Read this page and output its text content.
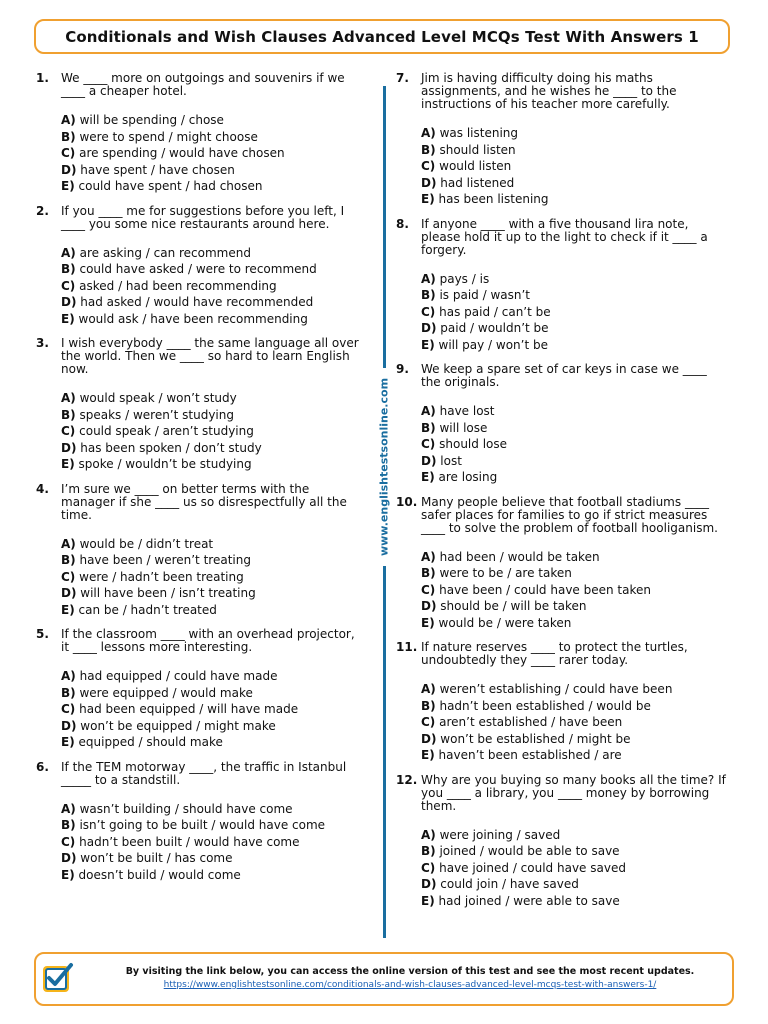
Conditionals and Wish Clauses Advanced Level MCQs Test With Answers 1
1. We ____ more on outgoings and souvenirs if we ____ a cheaper hotel.
A) will be spending / chose
B) were to spend / might choose
C) are spending / would have chosen
D) have spent / have chosen
E) could have spent / had chosen
2. If you ____ me for suggestions before you left, I ____ you some nice restaurants around here.
A) are asking / can recommend
B) could have asked / were to recommend
C) asked / had been recommending
D) had asked / would have recommended
E) would ask / have been recommending
3. I wish everybody ____ the same language all over the world. Then we ____ so hard to learn English now.
A) would speak / won’t study
B) speaks / weren’t studying
C) could speak / aren’t studying
D) has been spoken / don’t study
E) spoke / wouldn’t be studying
4. I’m sure we ____ on better terms with the manager if she ____ us so disrespectfully all the time.
A) would be / didn’t treat
B) have been / weren’t treating
C) were / hadn’t been treating
D) will have been / isn’t treating
E) can be / hadn’t treated
5. If the classroom ____ with an overhead projector, it ____ lessons more interesting.
A) had equipped / could have made
B) were equipped / would make
C) had been equipped / will have made
D) won’t be equipped / might make
E) equipped / should make
6. If the TEM motorway ____, the traffic in Istanbul _____ to a standstill.
A) wasn’t building / should have come
B) isn’t going to be built / would have come
C) hadn’t been built / would have come
D) won’t be built / has come
E) doesn’t build / would come
7. Jim is having difficulty doing his maths assignments, and he wishes he ____ to the instructions of his teacher more carefully.
A) was listening
B) should listen
C) would listen
D) had listened
E) has been listening
8. If anyone ____ with a five thousand lira note, please hold it up to the light to check if it ____ a forgery.
A) pays / is
B) is paid / wasn’t
C) has paid / can’t be
D) paid / wouldn’t be
E) will pay / won’t be
9. We keep a spare set of car keys in case we ____ the originals.
A) have lost
B) will lose
C) should lose
D) lost
E) are losing
10. Many people believe that football stadiums ____ safer places for families to go if strict measures ____ to solve the problem of football hooliganism.
A) had been / would be taken
B) were to be / are taken
C) have been / could have been taken
D) should be / will be taken
E) would be / were taken
11. If nature reserves ____ to protect the turtles, undoubtedly they ____ rarer today.
A) weren’t establishing / could have been
B) hadn’t been established / would be
C) aren’t established / have been
D) won’t be established / might be
E) haven’t been established / are
12. Why are you buying so many books all the time? If you ____ a library, you ____ money by borrowing them.
A) were joining / saved
B) joined / would be able to save
C) have joined / could have saved
D) could join / have saved
E) had joined / were able to save
www.englishtestsonline.com
By visiting the link below, you can access the online version of this test and see the most recent updates.
https://www.englishtestsonline.com/conditionals-and-wish-clauses-advanced-level-mcqs-test-with-answers-1/
